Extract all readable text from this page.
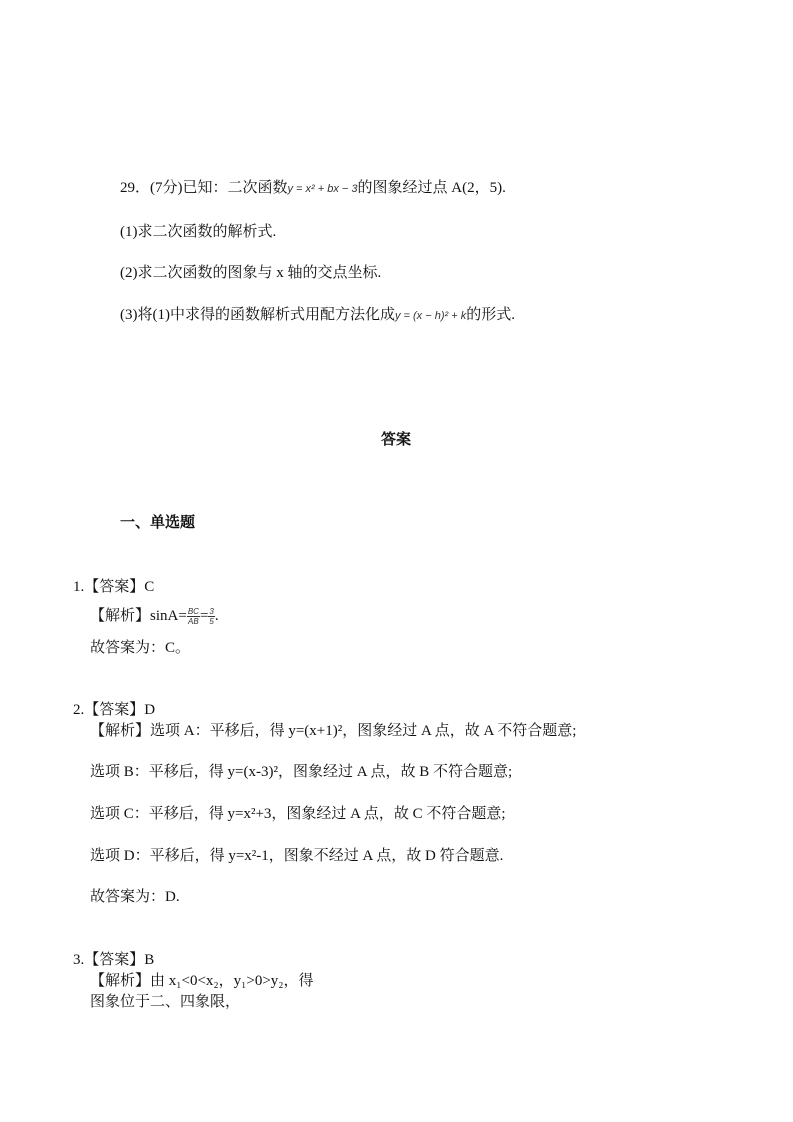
29．(7分)已知：二次函数y = x² + bx − 3的图象经过点 A(2，5).
(1)求二次函数的解析式.
(2)求二次函数的图象与 x 轴的交点坐标.
(3)将(1)中求得的函数解析式用配方法化成y = (x − h)² + k的形式.
答案
一、单选题
1.【答案】C
【解析】$\sin A= \frac{BC}{AB} = \frac{3}{5}$ .
故答案为：C。
2.【答案】D
【解析】选项 A：平移后，得 y=(x+1)²，图象经过 A 点，故 A 不符合题意;
选项 B：平移后，得 y=(x-3)²，图象经过 A 点，故 B 不符合题意;
选项 C：平移后，得 y=x²+3，图象经过 A 点，故 C 不符合题意;
选项 D：平移后，得 y=x²-1，图象不经过 A 点，故 D 符合题意.
故答案为：D.
3.【答案】B
【解析】由 x₁<0<x₂，y₁>0>y₂，得
图象位于二、四象限，
